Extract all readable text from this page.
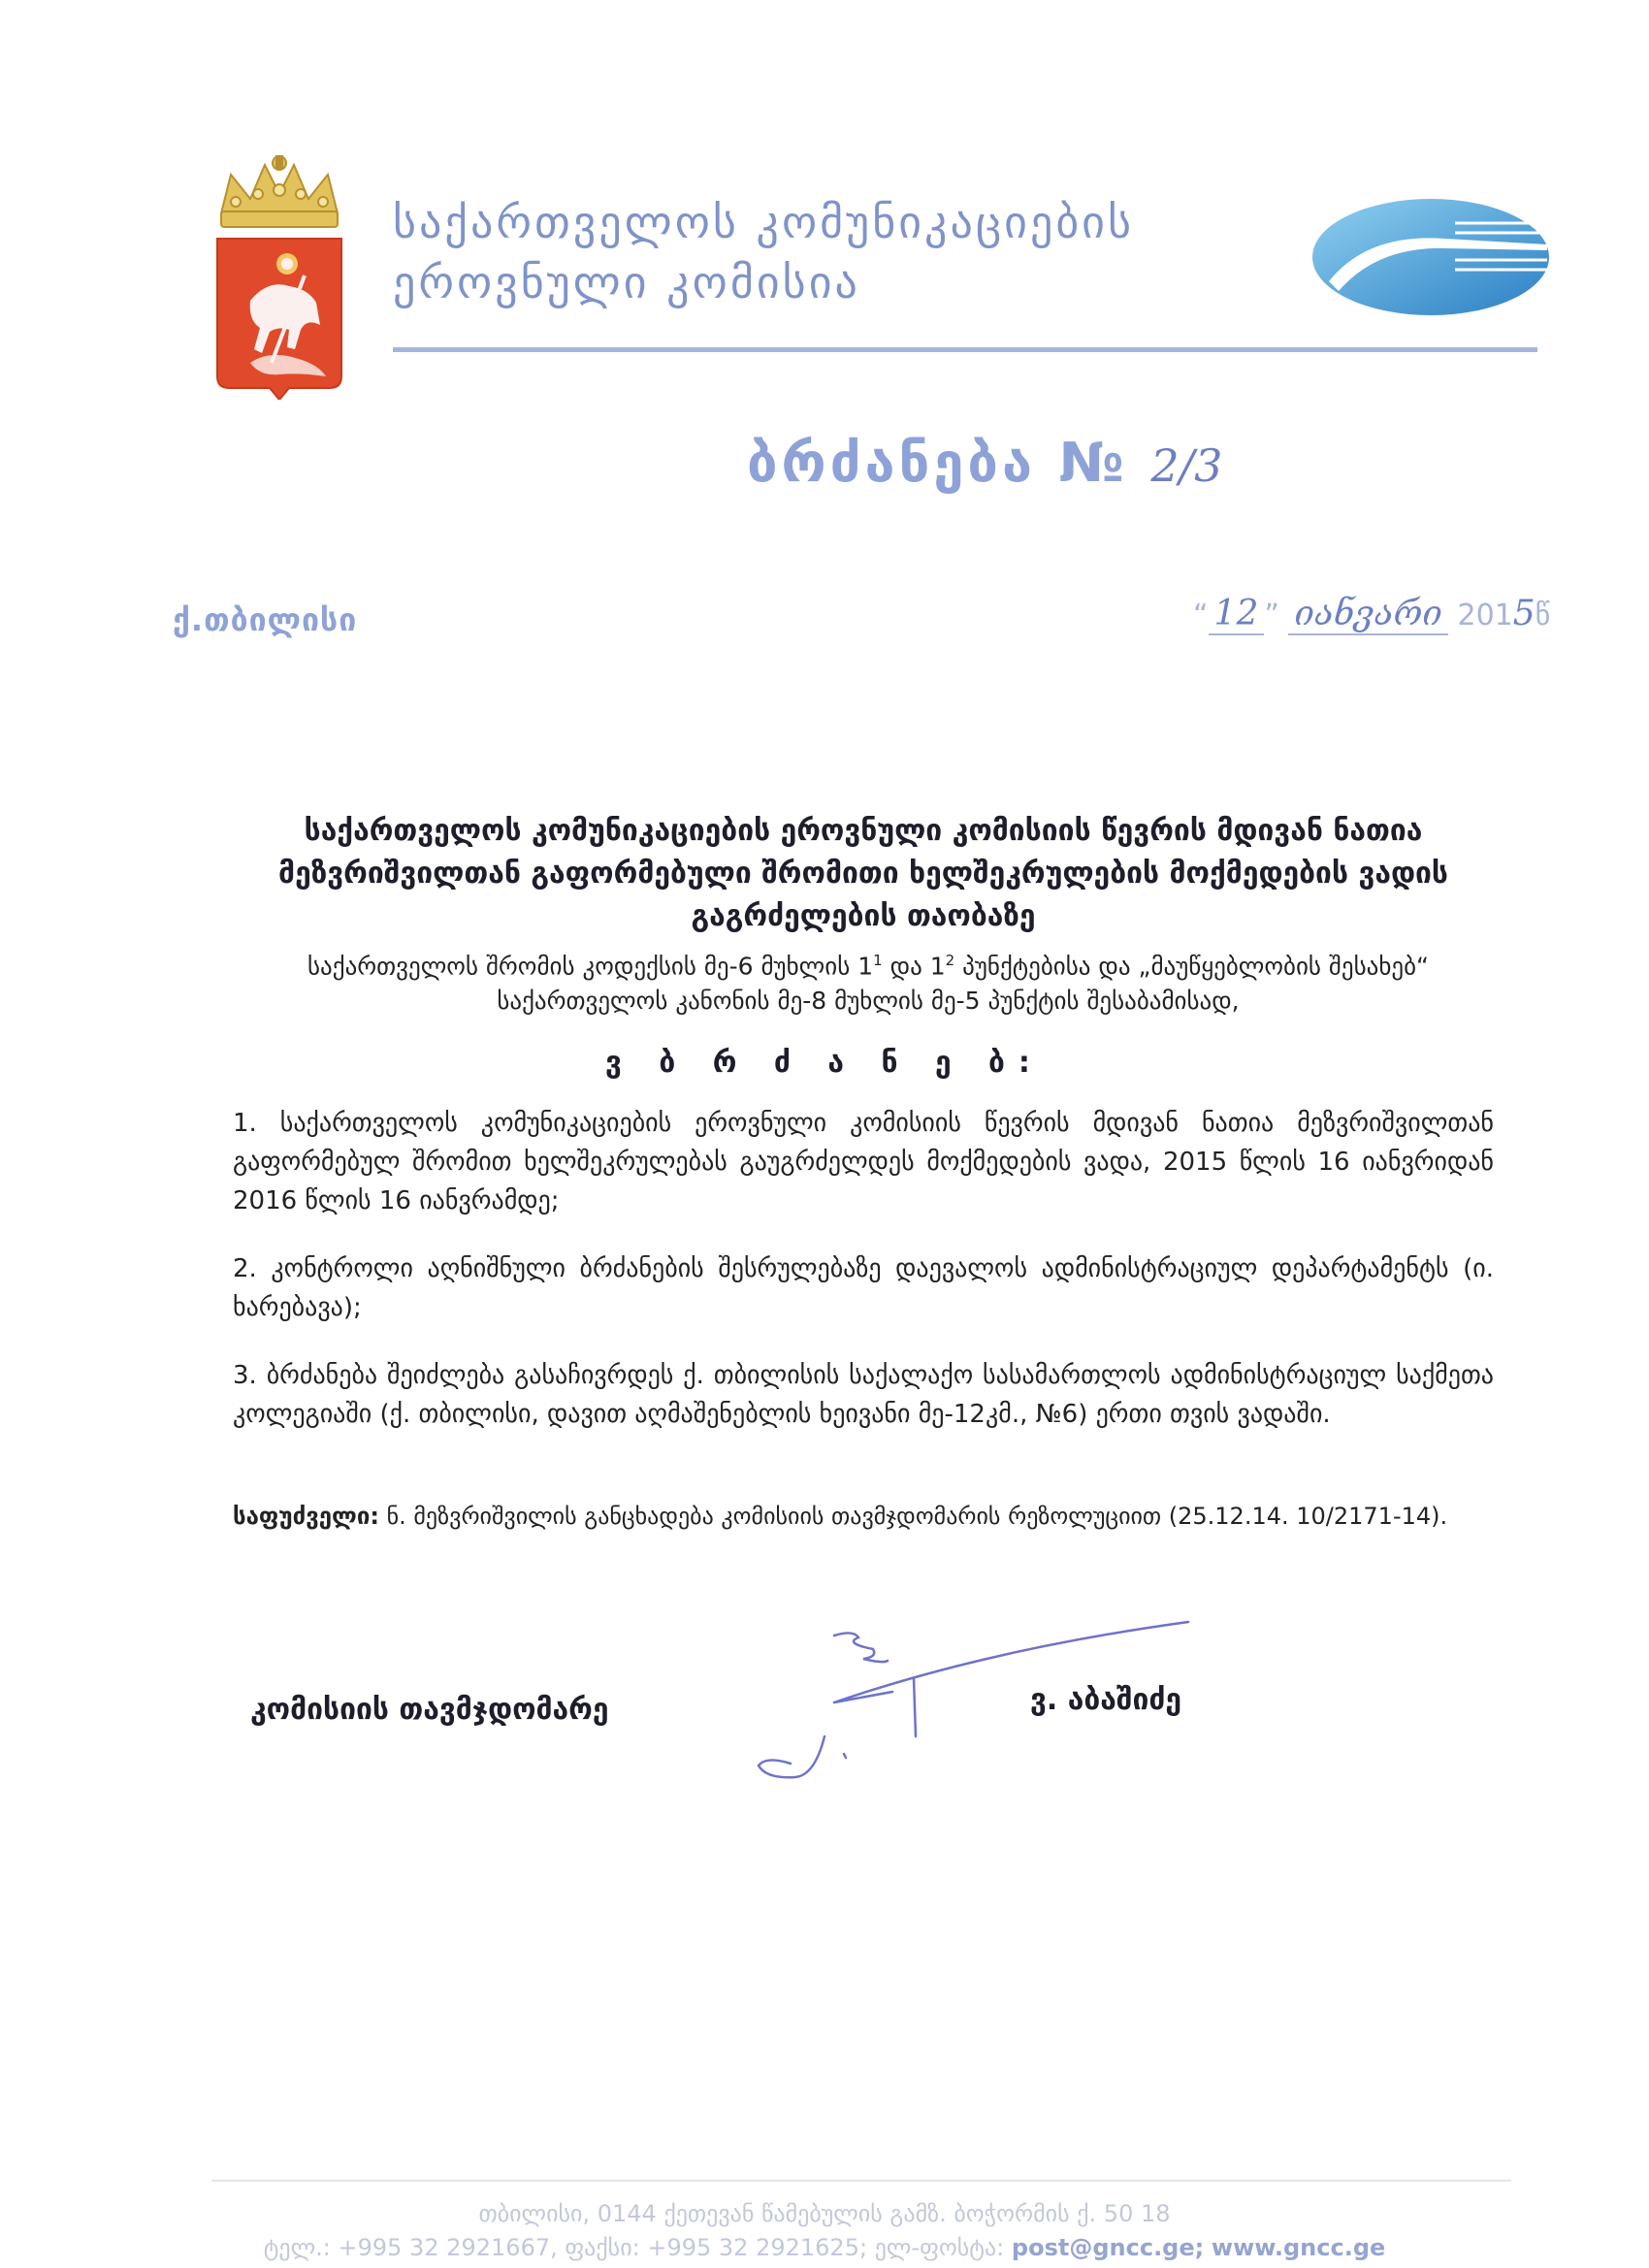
საქართველოს კომუნიკაციების
ეროვნული კომისია
ბრძანება № 2/3
ქ.თბილისი	“ 12 ” იანვარი 2015წ
საქართველოს კომუნიკაციების ეროვნული კომისიის წევრის მდივან ნათია მეზვრიშვილთან გაფორმებული შრომითი ხელშეკრულების მოქმედების ვადის გაგრძელების თაობაზე
საქართველოს შრომის კოდექსის მე-6 მუხლის $1^1$ და $1^2$ პუნქტებისა და „მაუწყებლობის შესახებ“ საქართველოს კანონის მე-8 მუხლის მე-5 პუნქტის შესაბამისად,
ვ ბ რ ძ ა ნ ე ბ:
1. საქართველოს კომუნიკაციების ეროვნული კომისიის წევრის მდივან ნათია მეზვრიშვილთან გაფორმებულ შრომით ხელშეკრულებას გაუგრძელდეს მოქმედების ვადა, 2015 წლის 16 იანვრიდან 2016 წლის 16 იანვრამდე;
2. კონტროლი აღნიშნული ბრძანების შესრულებაზე დაევალოს ადმინისტრაციულ დეპარტამენტს (ი. ხარებავა);
3. ბრძანება შეიძლება გასაჩივრდეს ქ. თბილისის საქალაქო სასამართლოს ადმინისტრაციულ საქმეთა კოლეგიაში (ქ. თბილისი, დავით აღმაშენებლის ხეივანი მე-12კმ., №6) ერთი თვის ვადაში.
საფუძველი: ნ. მეზვრიშვილის განცხადება კომისიის თავმჯდომარის რეზოლუციით (25.12.14. 10/2171-14).
კომისიის თავმჯდომარე	ვ. აბაშიძე
თბილისი, 0144 ქეთევან წამებულის გამზ. ბოჭორმის ქ. 50 18
ტელ.: +995 32 2921667, ფაქსი: +995 32 2921625; ელ-ფოსტა: post@gncc.ge; www.gncc.ge
